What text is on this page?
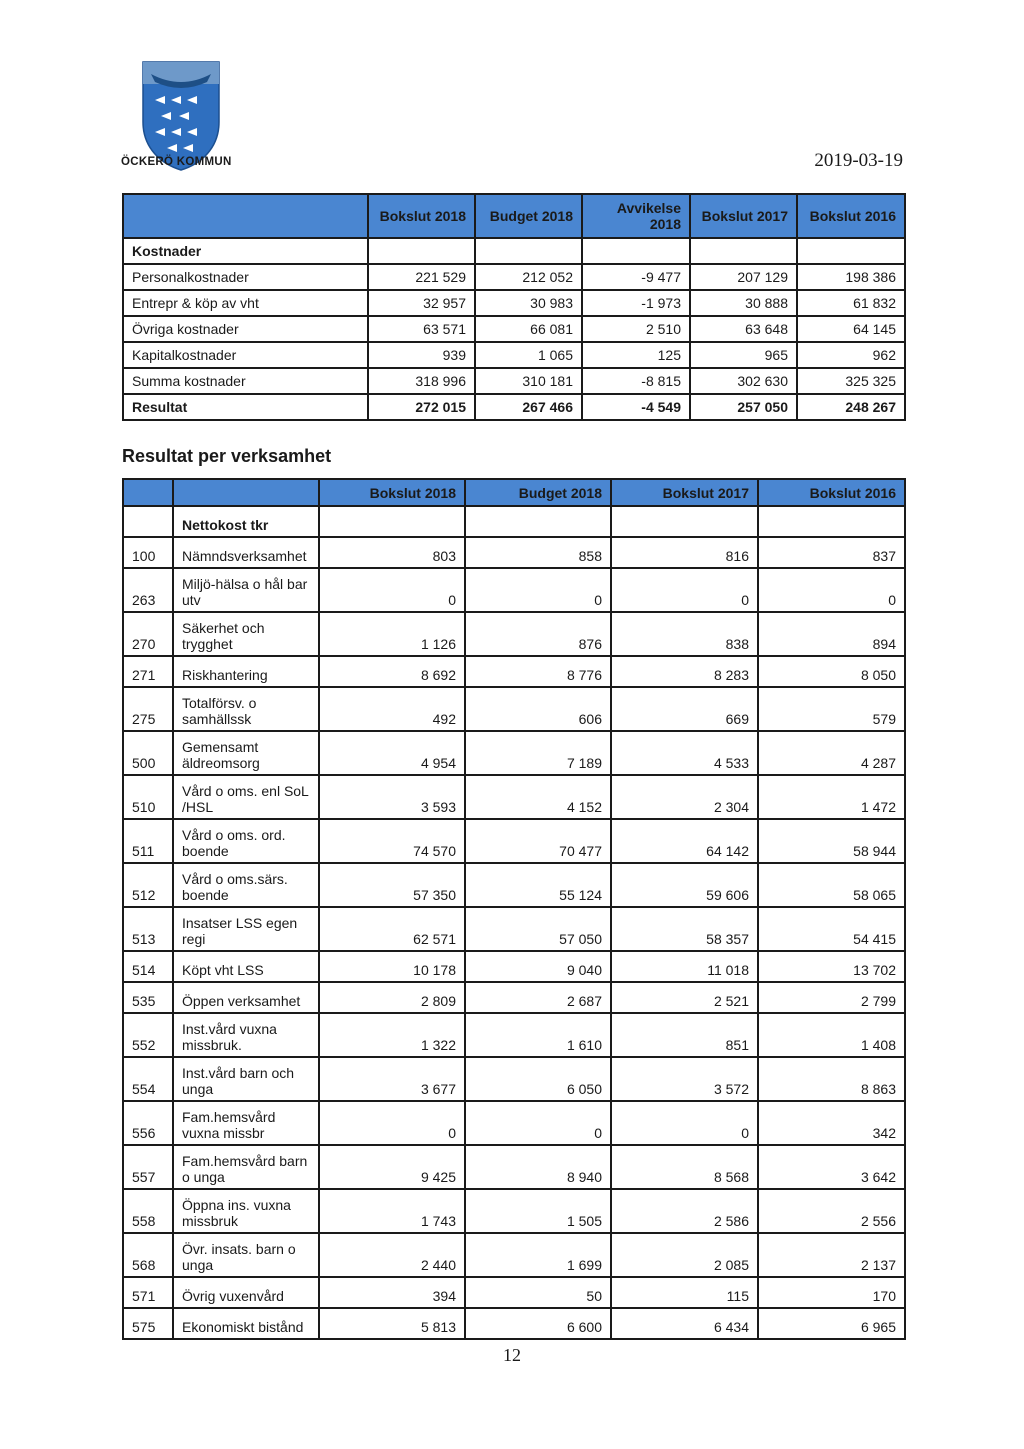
ÖCKERÖ KOMMUN	2019-03-19
	Bokslut 2018	Budget 2018	Avvikelse 2018	Bokslut 2017	Bokslut 2016
Kostnader					
Personalkostnader	221 529	212 052	-9 477	207 129	198 386
Entrepr & köp av vht	32 957	30 983	-1 973	30 888	61 832
Övriga kostnader	63 571	66 081	2 510	63 648	64 145
Kapitalkostnader	939	1 065	125	965	962
Summa kostnader	318 996	310 181	-8 815	302 630	325 325
Resultat	272 015	267 466	-4 549	257 050	248 267
Resultat per verksamhet
		Bokslut 2018	Budget 2018	Bokslut 2017	Bokslut 2016
	Nettokost tkr				
100	Nämndsverksamhet	803	858	816	837
263	Miljö-hälsa o hål bar utv	0	0	0	0
270	Säkerhet och trygghet	1 126	876	838	894
271	Riskhantering	8 692	8 776	8 283	8 050
275	Totalförsv. o samhällssk	492	606	669	579
500	Gemensamt äldreomsorg	4 954	7 189	4 533	4 287
510	Vård o oms. enl SoL /HSL	3 593	4 152	2 304	1 472
511	Vård o oms. ord. boende	74 570	70 477	64 142	58 944
512	Vård o oms.särs. boende	57 350	55 124	59 606	58 065
513	Insatser LSS egen regi	62 571	57 050	58 357	54 415
514	Köpt vht LSS	10 178	9 040	11 018	13 702
535	Öppen verksamhet	2 809	2 687	2 521	2 799
552	Inst.vård vuxna missbruk.	1 322	1 610	851	1 408
554	Inst.vård barn och unga	3 677	6 050	3 572	8 863
556	Fam.hemsvård vuxna missbr	0	0	0	342
557	Fam.hemsvård barn o unga	9 425	8 940	8 568	3 642
558	Öppna ins. vuxna missbruk	1 743	1 505	2 586	2 556
568	Övr. insats. barn o unga	2 440	1 699	2 085	2 137
571	Övrig vuxenvård	394	50	115	170
575	Ekonomiskt bistånd	5 813	6 600	6 434	6 965
12
